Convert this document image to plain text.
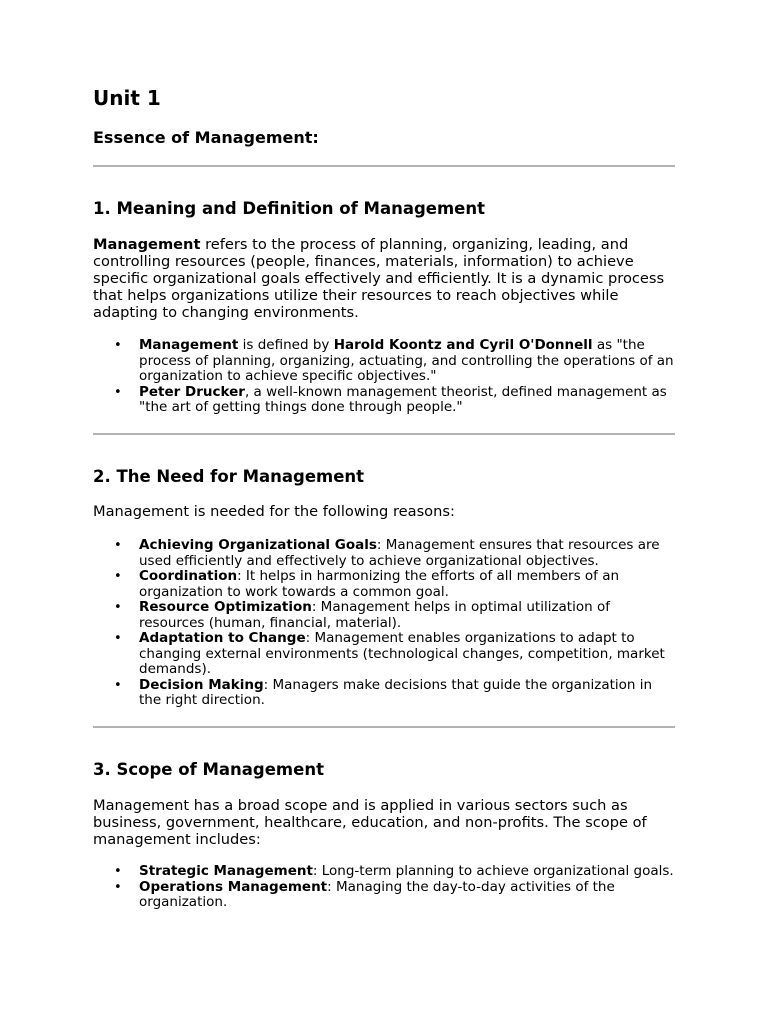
Unit 1
Essence of Management:
1. Meaning and Definition of Management

Management refers to the process of planning, organizing, leading, and controlling resources (people, finances, materials, information) to achieve specific organizational goals effectively and efficiently. It is a dynamic process that helps organizations utilize their resources to reach objectives while adapting to changing environments.

• Management is defined by Harold Koontz and Cyril O'Donnell as "the process of planning, organizing, actuating, and controlling the operations of an organization to achieve specific objectives."
• Peter Drucker, a well-known management theorist, defined management as "the art of getting things done through people."
2. The Need for Management

Management is needed for the following reasons:

• Achieving Organizational Goals: Management ensures that resources are used efficiently and effectively to achieve organizational objectives.
• Coordination: It helps in harmonizing the efforts of all members of an organization to work towards a common goal.
• Resource Optimization: Management helps in optimal utilization of resources (human, financial, material).
• Adaptation to Change: Management enables organizations to adapt to changing external environments (technological changes, competition, market demands).
• Decision Making: Managers make decisions that guide the organization in the right direction.
3. Scope of Management

Management has a broad scope and is applied in various sectors such as business, government, healthcare, education, and non-profits. The scope of management includes:

• Strategic Management: Long-term planning to achieve organizational goals.
• Operations Management: Managing the day-to-day activities of the organization.
